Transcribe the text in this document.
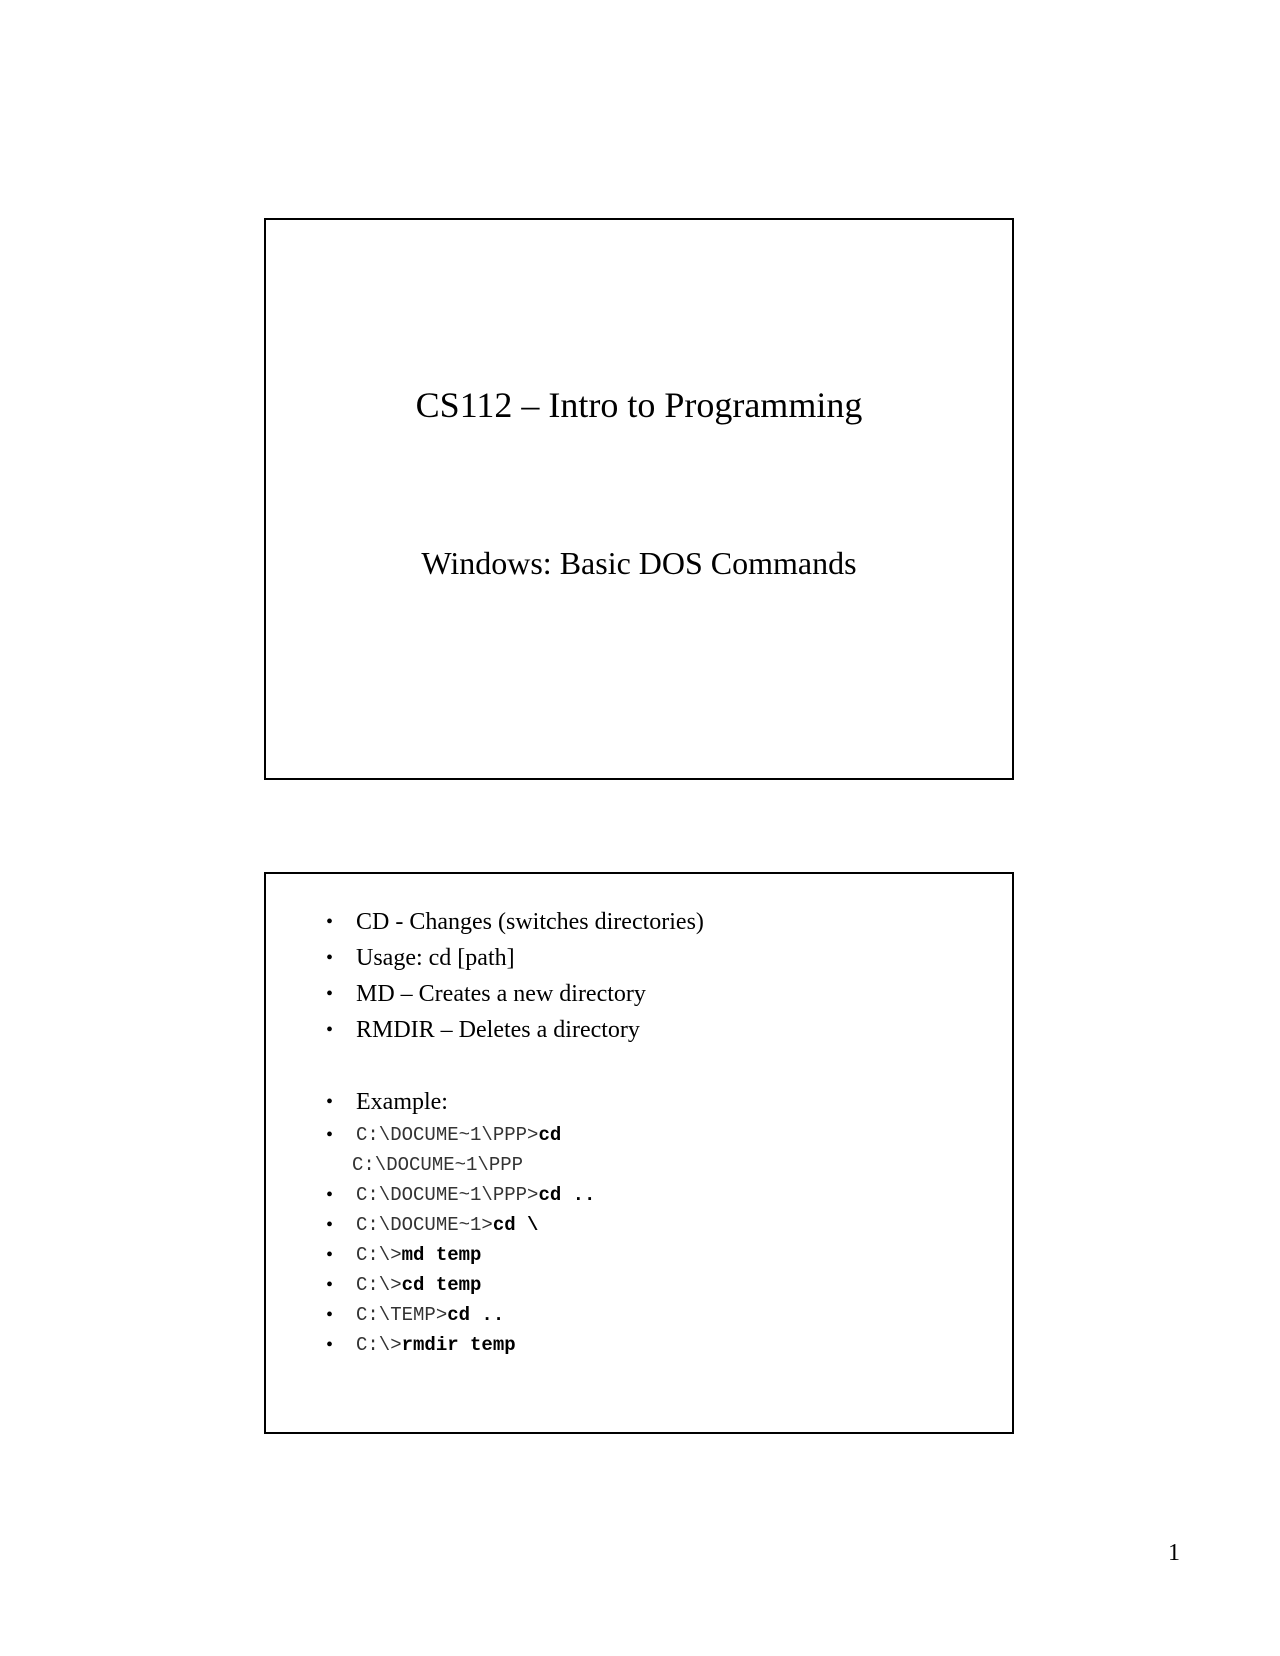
CS112 – Intro to Programming
Windows: Basic DOS Commands
• CD - Changes (switches directories)
• Usage: cd [path]
• MD – Creates a new directory
• RMDIR – Deletes a directory
• Example:
• C:\DOCUME~1\PPP>cd
C:\DOCUME~1\PPP
• C:\DOCUME~1\PPP>cd ..
• C:\DOCUME~1>cd \
• C:\>md temp
• C:\>cd temp
• C:\TEMP>cd ..
• C:\>rmdir temp
1
